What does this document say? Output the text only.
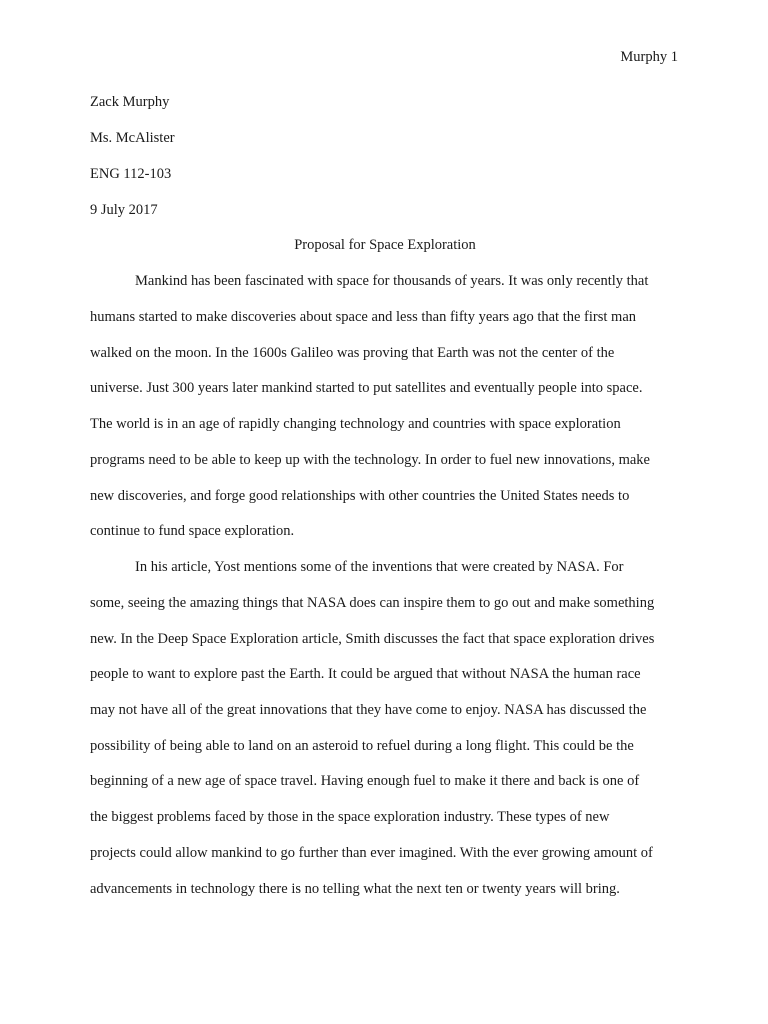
Murphy 1
Zack Murphy
Ms. McAlister
ENG 112-103
9 July 2017
Proposal for Space Exploration
Mankind has been fascinated with space for thousands of years. It was only recently that
humans started to make discoveries about space and less than fifty years ago that the first man
walked on the moon. In the 1600s Galileo was proving that Earth was not the center of the
universe. Just 300 years later mankind started to put satellites and eventually people into space.
The world is in an age of rapidly changing technology and countries with space exploration
programs need to be able to keep up with the technology. In order to fuel new innovations, make
new discoveries, and forge good relationships with other countries the United States needs to
continue to fund space exploration.
In his article, Yost mentions some of the inventions that were created by NASA. For
some, seeing the amazing things that NASA does can inspire them to go out and make something
new. In the Deep Space Exploration article, Smith discusses the fact that space exploration drives
people to want to explore past the Earth. It could be argued that without NASA the human race
may not have all of the great innovations that they have come to enjoy. NASA has discussed the
possibility of being able to land on an asteroid to refuel during a long flight. This could be the
beginning of a new age of space travel. Having enough fuel to make it there and back is one of
the biggest problems faced by those in the space exploration industry. These types of new
projects could allow mankind to go further than ever imagined. With the ever growing amount of
advancements in technology there is no telling what the next ten or twenty years will bring.
